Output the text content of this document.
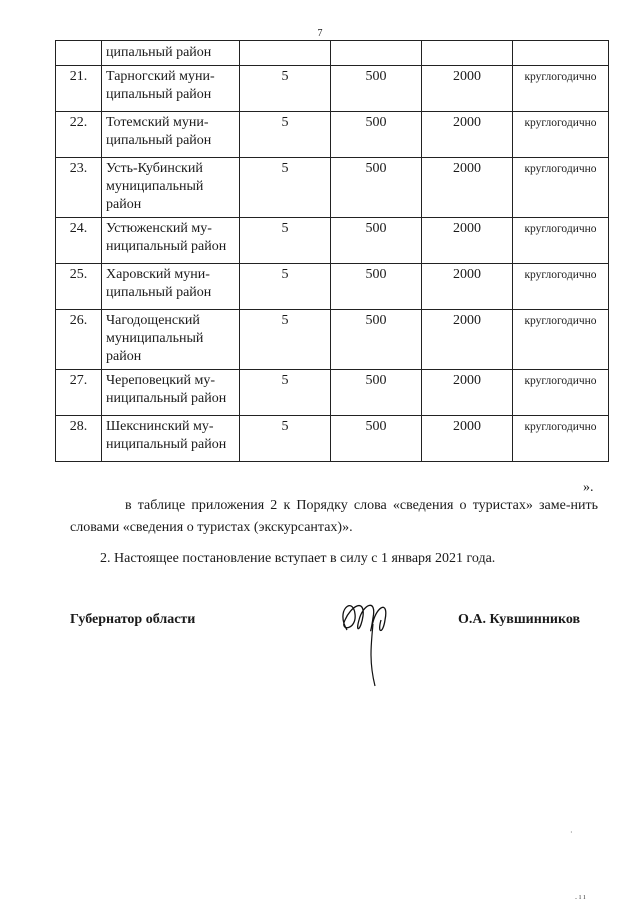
7
	ципальный район				
21.	Тарногский муни-ципальный район	5	500	2000	круглогодично
22.	Тотемский муни-ципальный район	5	500	2000	круглогодично
23.	Усть-Кубинский муниципальный район	5	500	2000	круглогодично
24.	Устюженский му-ниципальный район	5	500	2000	круглогодично
25.	Харовский муни-ципальный район	5	500	2000	круглогодично
26.	Чагодощенский муниципальный район	5	500	2000	круглогодично
27.	Череповецкий му-ниципальный район	5	500	2000	круглогодично
28.	Шекснинский му-ниципальный район	5	500	2000	круглогодично
».
в таблице приложения 2 к Порядку слова «сведения о туристах» заме-нить словами «сведения о туристах (экскурсантах)».
2. Настоящее постановление вступает в силу с 1 января 2021 года.
Губернатор области	О.А. Кувшинников
·
. ı ı
